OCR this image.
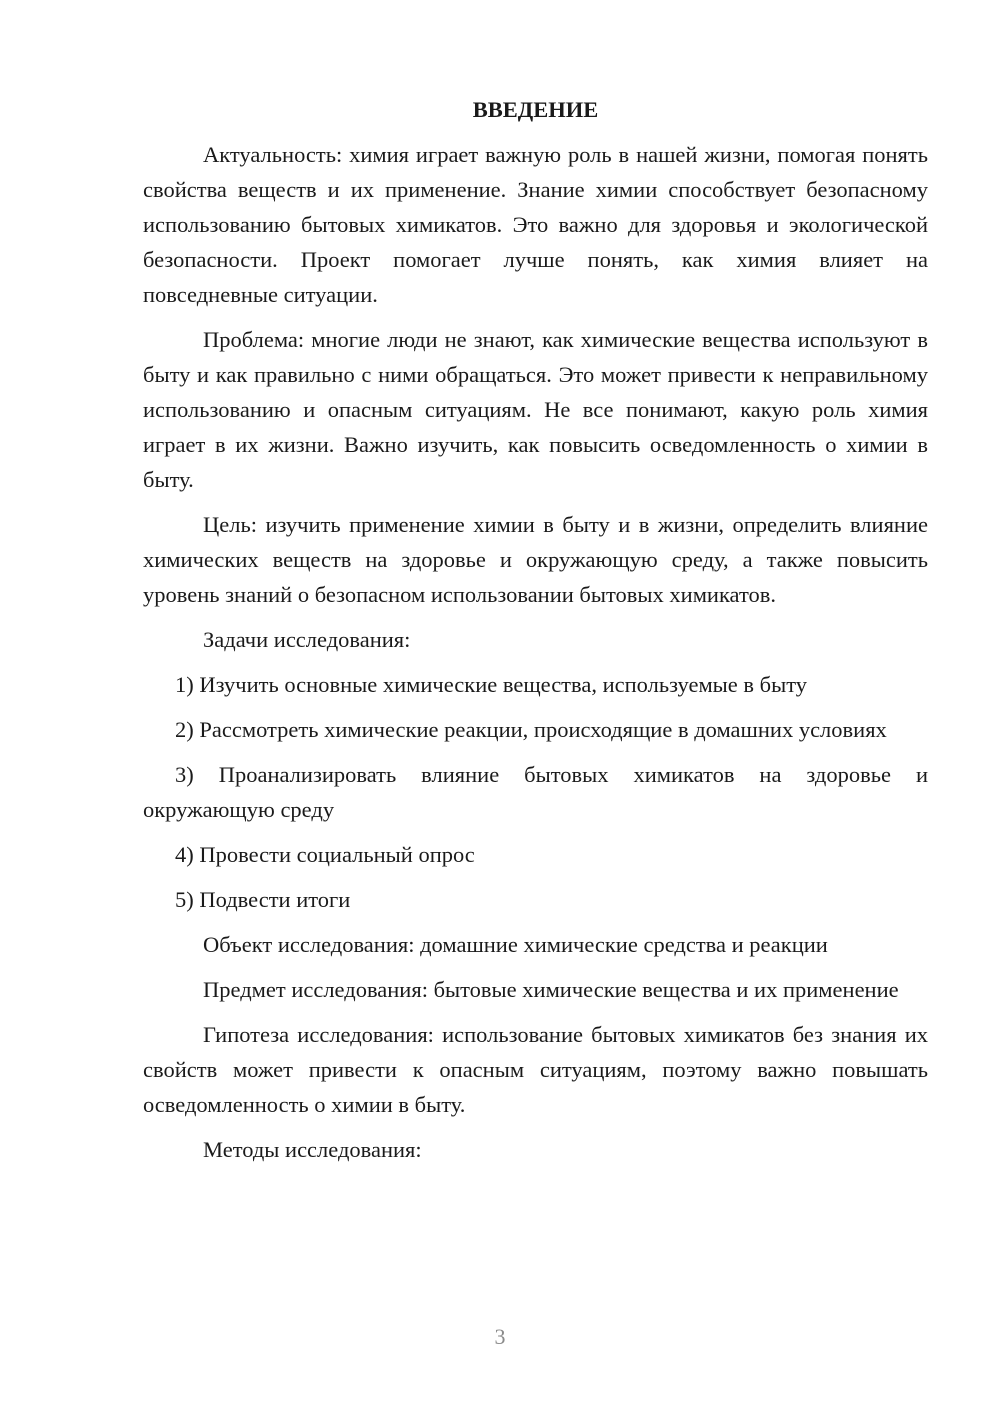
ВВЕДЕНИЕ

Актуальность: химия играет важную роль в нашей жизни, помогая понять свойства веществ и их применение. Знание химии способствует безопасному использованию бытовых химикатов. Это важно для здоровья и экологической безопасности. Проект помогает лучше понять, как химия влияет на повседневные ситуации.

Проблема: многие люди не знают, как химические вещества используют в быту и как правильно с ними обращаться. Это может привести к неправильному использованию и опасным ситуациям. Не все понимают, какую роль химия играет в их жизни. Важно изучить, как повысить осведомленность о химии в быту.

Цель: изучить применение химии в быту и в жизни, определить влияние химических веществ на здоровье и окружающую среду, а также повысить уровень знаний о безопасном использовании бытовых химикатов.

Задачи исследования:

1) Изучить основные химические вещества, используемые в быту

2) Рассмотреть химические реакции, происходящие в домашних условиях

3) Проанализировать влияние бытовых химикатов на здоровье и окружающую среду

4) Провести социальный опрос

5) Подвести итоги

Объект исследования: домашние химические средства и реакции

Предмет исследования: бытовые химические вещества и их применение

Гипотеза исследования: использование бытовых химикатов без знания их свойств может привести к опасным ситуациям, поэтому важно повышать осведомленность о химии в быту.

Методы исследования:

3
